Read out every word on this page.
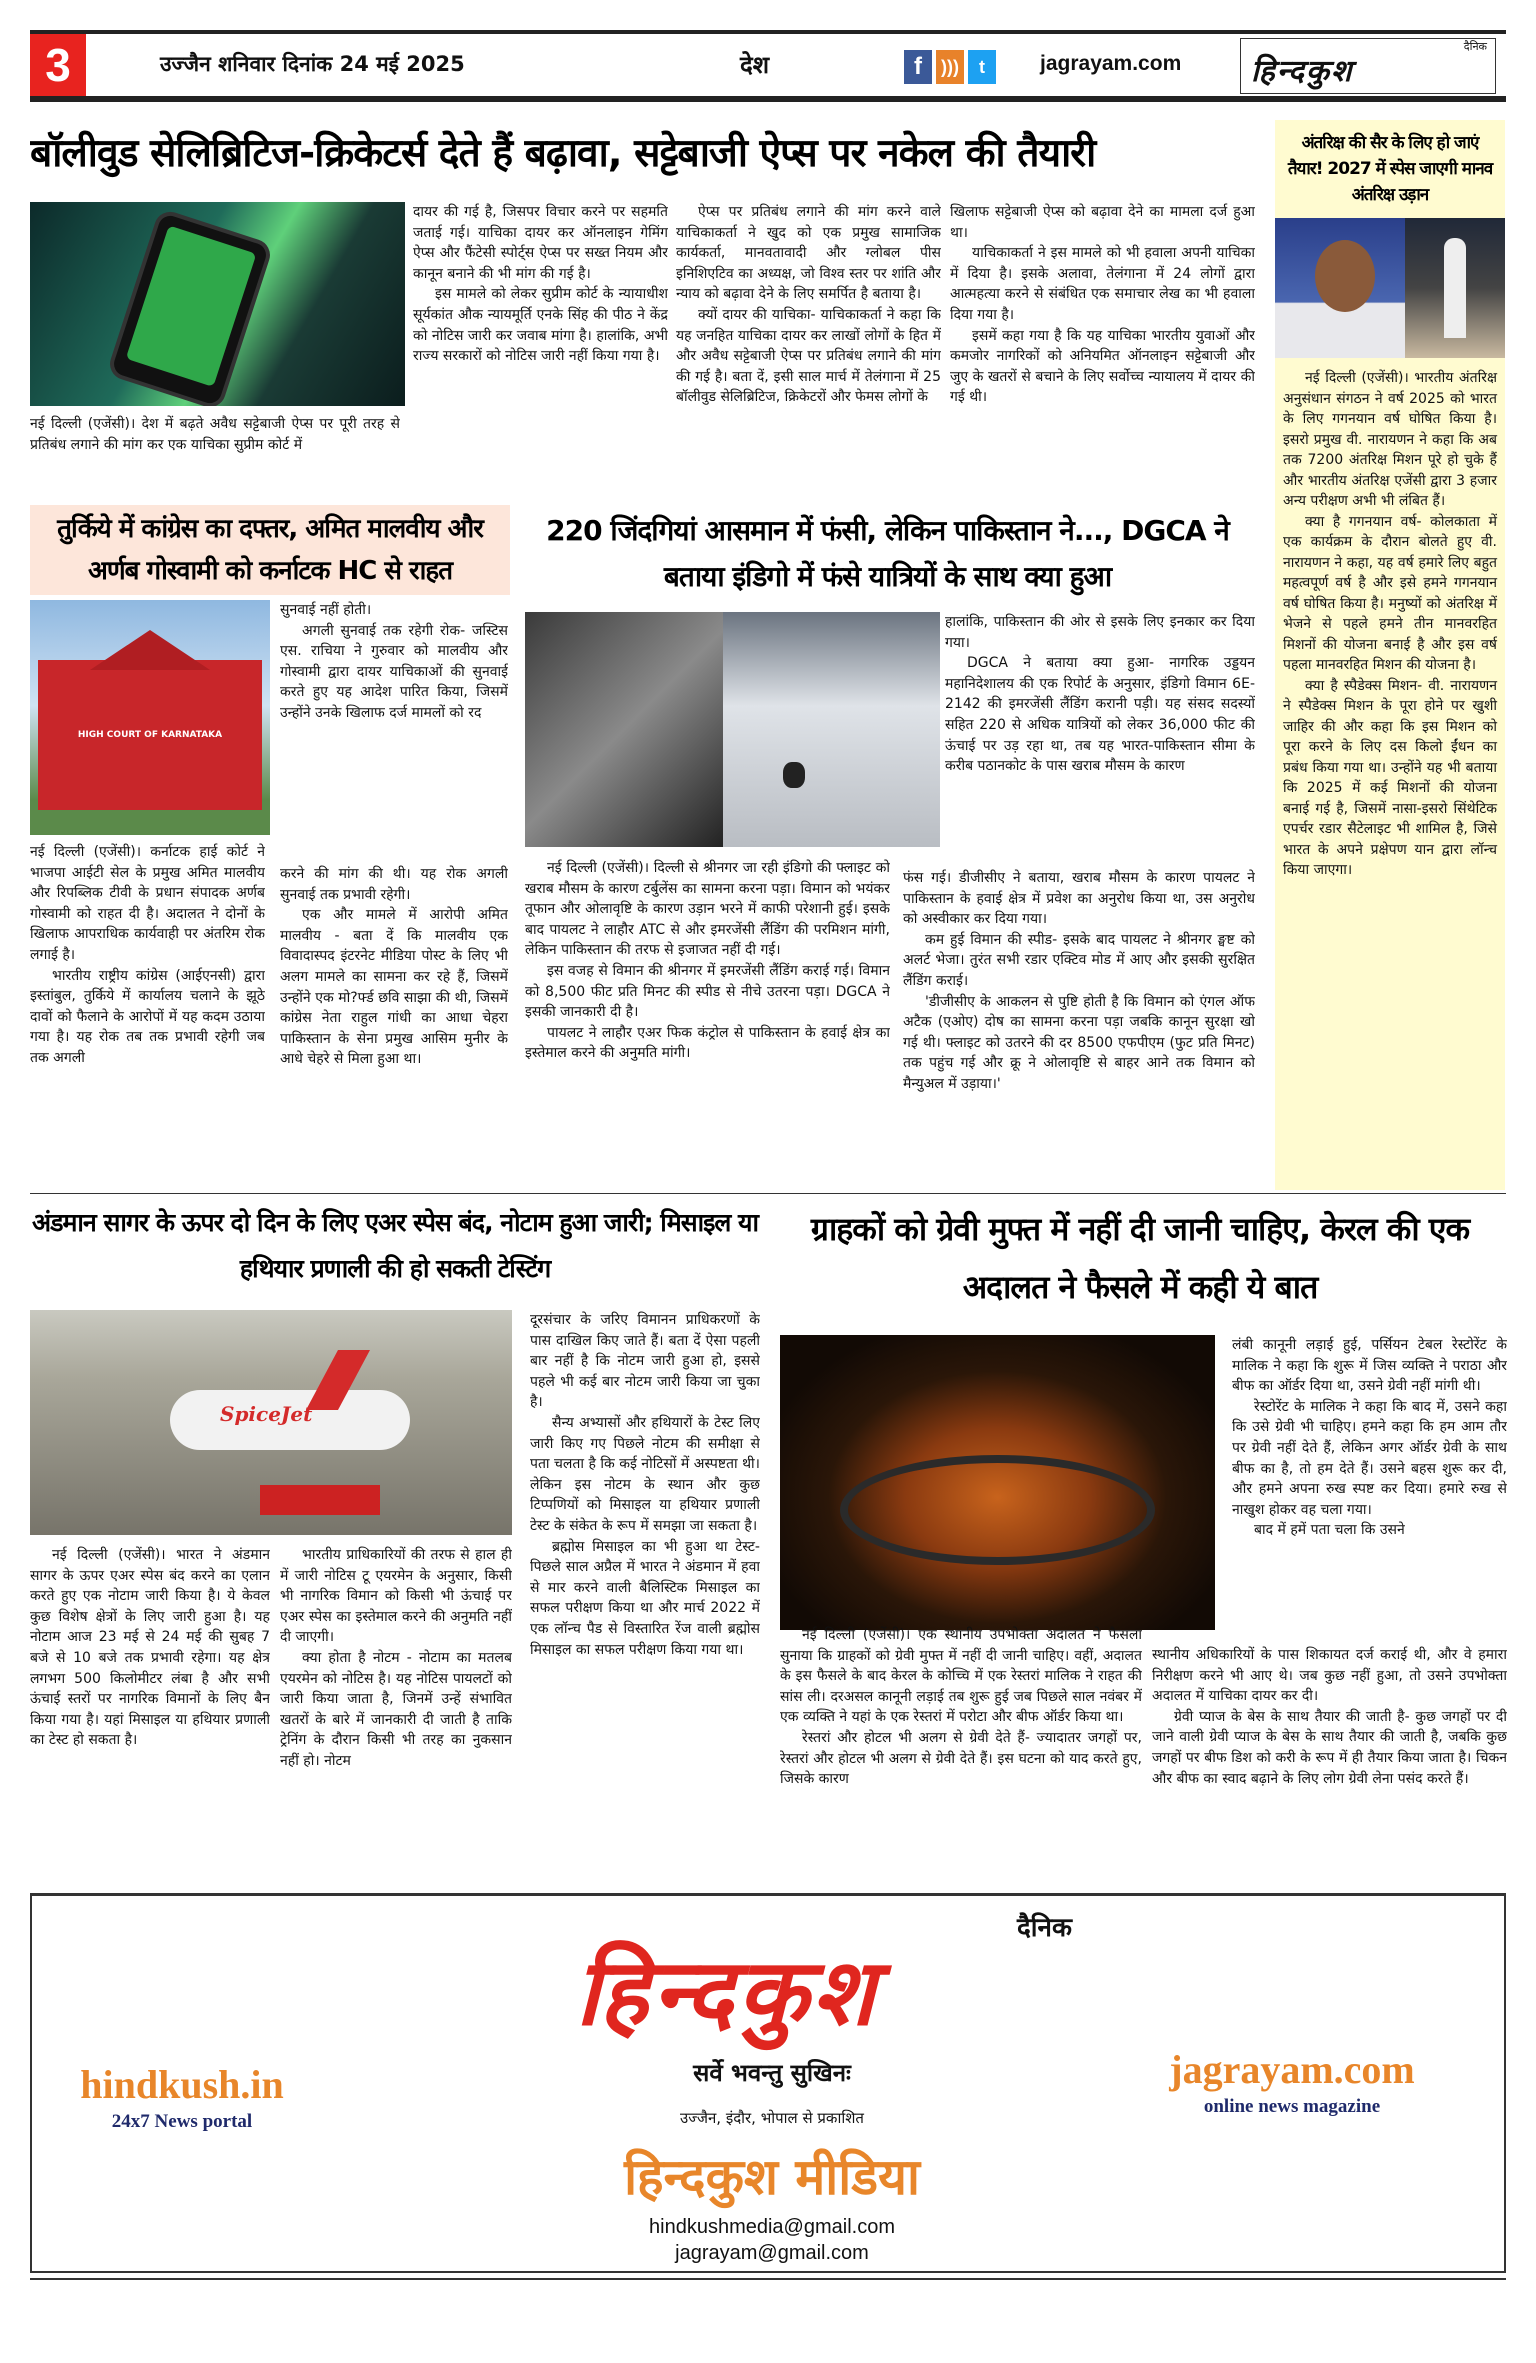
3	उज्जैन शनिवार दिनांक 24 मई 2025	देश	f	)))	t	jagrayam.com
दैनिक
हिन्दकुश
बॉलीवुड सेलिब्रिटिज-क्रिकेटर्स देते हैं बढ़ावा, सट्टेबाजी ऐप्स पर नकेल की तैयारी

नई दिल्ली (एजेंसी)। देश में बढ़ते अवैध सट्टेबाजी ऐप्स पर पूरी तरह से प्रतिबंध लगाने की मांग कर एक याचिका सुप्रीम कोर्ट में

दायर की गई है, जिसपर विचार करने पर सहमति जताई गई। याचिका दायर कर ऑनलाइन गेमिंग ऐप्स और फैंटेसी स्पोर्ट्स ऐप्स पर सख्त नियम और कानून बनाने की भी मांग की गई है।

इस मामले को लेकर सुप्रीम कोर्ट के न्यायाधीश सूर्यकांत औक न्यायमूर्ति एनके सिंह की पीठ ने केंद्र को नोटिस जारी कर जवाब मांगा है। हालांकि, अभी राज्य सरकारों को नोटिस जारी नहीं किया गया है।

ऐप्स पर प्रतिबंध लगाने की मांग करने वाले याचिकाकर्ता ने खुद को एक प्रमुख सामाजिक कार्यकर्ता, मानवतावादी और ग्लोबल पीस इनिशिएटिव का अध्यक्ष, जो विश्व स्तर पर शांति और न्याय को बढ़ावा देने के लिए समर्पित है बताया है।

क्यों दायर की याचिका- याचिकाकर्ता ने कहा कि यह जनहित याचिका दायर कर लाखों लोगों के हित में और अवैध सट्टेबाजी ऐप्स पर प्रतिबंध लगाने की मांग की गई है। बता दें, इसी साल मार्च में तेलंगाना में 25 बॉलीवुड सेलिब्रिटिज, क्रिकेटरों और फेमस लोगों के

खिलाफ सट्टेबाजी ऐप्स को बढ़ावा देने का मामला दर्ज हुआ था।

याचिकाकर्ता ने इस मामले को भी हवाला अपनी याचिका में दिया है। इसके अलावा, तेलंगाना में 24 लोगों द्वारा आत्महत्या करने से संबंधित एक समाचार लेख का भी हवाला दिया गया है।

इसमें कहा गया है कि यह याचिका भारतीय युवाओं और कमजोर नागरिकों को अनियमित ऑनलाइन सट्टेबाजी और जुए के खतरों से बचाने के लिए सर्वोच्च न्यायालय में दायर की गई थी।

अंतरिक्ष की सैर के लिए हो जाएं तैयार! 2027 में स्पेस जाएगी मानव अंतरिक्ष उड़ान

नई दिल्ली (एजेंसी)। भारतीय अंतरिक्ष अनुसंधान संगठन ने वर्ष 2025 को भारत के लिए गगनयान वर्ष घोषित किया है। इसरो प्रमुख वी. नारायणन ने कहा कि अब तक 7200 अंतरिक्ष मिशन पूरे हो चुके हैं और भारतीय अंतरिक्ष एजेंसी द्वारा 3 हजार अन्य परीक्षण अभी भी लंबित हैं।

क्या है गगनयान वर्ष- कोलकाता में एक कार्यक्रम के दौरान बोलते हुए वी. नारायणन ने कहा, यह वर्ष हमारे लिए बहुत महत्वपूर्ण वर्ष है और इसे हमने गगनयान वर्ष घोषित किया है। मनुष्यों को अंतरिक्ष में भेजने से पहले हमने तीन मानवरहित मिशनों की योजना बनाई है और इस वर्ष पहला मानवरहित मिशन की योजना है।

क्या है स्पैडेक्स मिशन- वी. नारायणन ने स्पैडेक्स मिशन के पूरा होने पर खुशी जाहिर की और कहा कि इस मिशन को पूरा करने के लिए दस किलो ईंधन का प्रबंध किया गया था। उन्होंने यह भी बताया कि 2025 में कई मिशनों की योजना बनाई गई है, जिसमें नासा-इसरो सिंथेटिक एपर्चर रडार सैटेलाइट भी शामिल है, जिसे भारत के अपने प्रक्षेपण यान द्वारा लॉन्च किया जाएगा।

तुर्किये में कांग्रेस का दफ्तर, अमित मालवीय और अर्णब गोस्वामी को कर्नाटक HC से राहत
HIGH COURT OF KARNATAKA

सुनवाई नहीं होती।

अगली सुनवाई तक रहेगी रोक- जस्टिस एस. राचिया ने गुरुवार को मालवीय और गोस्वामी द्वारा दायर याचिकाओं की सुनवाई करते हुए यह आदेश पारित किया, जिसमें उन्होंने उनके खिलाफ दर्ज मामलों को रद

नई दिल्ली (एजेंसी)। कर्नाटक हाई कोर्ट ने भाजपा आईटी सेल के प्रमुख अमित मालवीय और रिपब्लिक टीवी के प्रधान संपादक अर्णब गोस्वामी को राहत दी है। अदालत ने दोनों के खिलाफ आपराधिक कार्यवाही पर अंतरिम रोक लगाई है।

भारतीय राष्ट्रीय कांग्रेस (आईएनसी) द्वारा इस्तांबुल, तुर्किये में कार्यालय चलाने के झूठे दावों को फैलाने के आरोपों में यह कदम उठाया गया है। यह रोक तब तक प्रभावी रहेगी जब तक अगली

करने की मांग की थी। यह रोक अगली सुनवाई तक प्रभावी रहेगी।

एक और मामले में आरोपी अमित मालवीय - बता दें कि मालवीय एक विवादास्पद इंटरनेट मीडिया पोस्ट के लिए भी अलग मामले का सामना कर रहे हैं, जिसमें उन्होंने एक मो?र्फ्ड छवि साझा की थी, जिसमें कांग्रेस नेता राहुल गांधी का आधा चेहरा पाकिस्तान के सेना प्रमुख आसिम मुनीर के आधे चेहरे से मिला हुआ था।

220 जिंदगियां आसमान में फंसी, लेकिन पाकिस्तान ने..., DGCA ने बताया इंडिगो में फंसे यात्रियों के साथ क्या हुआ

हालांकि, पाकिस्तान की ओर से इसके लिए इनकार कर दिया गया।

DGCA ने बताया क्या हुआ- नागरिक उड्डयन महानिदेशालय की एक रिपोर्ट के अनुसार, इंडिगो विमान 6E-2142 की इमरजेंसी लैंडिंग करानी पड़ी। यह संसद सदस्यों सहित 220 से अधिक यात्रियों को लेकर 36,000 फीट की ऊंचाई पर उड़ रहा था, तब यह भारत-पाकिस्तान सीमा के करीब पठानकोट के पास खराब मौसम के कारण

नई दिल्ली (एजेंसी)। दिल्ली से श्रीनगर जा रही इंडिगो की फ्लाइट को खराब मौसम के कारण टर्बुलेंस का सामना करना पड़ा। विमान को भयंकर तूफान और ओलावृष्टि के कारण उड़ान भरने में काफी परेशानी हुई। इसके बाद पायलट ने लाहौर ATC से और इमरजेंसी लैंडिंग की परमिशन मांगी, लेकिन पाकिस्तान की तरफ से इजाजत नहीं दी गई।

इस वजह से विमान की श्रीनगर में इमरजेंसी लैंडिंग कराई गई। विमान को 8,500 फीट प्रति मिनट की स्पीड से नीचे उतरना पड़ा। DGCA ने इसकी जानकारी दी है।

पायलट ने लाहौर एअर फिक कंट्रोल से पाकिस्तान के हवाई क्षेत्र का इस्तेमाल करने की अनुमति मांगी।

फंस गई। डीजीसीए ने बताया, खराब मौसम के कारण पायलट ने पाकिस्तान के हवाई क्षेत्र में प्रवेश का अनुरोध किया था, उस अनुरोध को अस्वीकार कर दिया गया।

कम हुई विमान की स्पीड- इसके बाद पायलट ने श्रीनगर ङ्घष्ट को अलर्ट भेजा। तुरंत सभी रडार एक्टिव मोड में आए और इसकी सुरक्षित लैंडिंग कराई।

'डीजीसीए के आकलन से पुष्टि होती है कि विमान को एंगल ऑफ अटैक (एओए) दोष का सामना करना पड़ा जबकि कानून सुरक्षा खो गई थी। फ्लाइट को उतरने की दर 8500 एफपीएम (फुट प्रति मिनट) तक पहुंच गई और क्रू ने ओलावृष्टि से बाहर आने तक विमान को मैन्युअल में उड़ाया।'

अंडमान सागर के ऊपर दो दिन के लिए एअर स्पेस बंद, नोटाम हुआ जारी; मिसाइल या हथियार प्रणाली की हो सकती टेस्टिंग
SpiceJet

दूरसंचार के जरिए विमानन प्राधिकरणों के पास दाखिल किए जाते हैं। बता दें ऐसा पहली बार नहीं है कि नोटम जारी हुआ हो, इससे पहले भी कई बार नोटम जारी किया जा चुका है।

सैन्य अभ्यासों और हथियारों के टेस्ट लिए जारी किए गए पिछले नोटम की समीक्षा से पता चलता है कि कई नोटिसों में अस्पष्टता थी। लेकिन इस नोटम के स्थान और कुछ टिप्पणियों को मिसाइल या हथियार प्रणाली टेस्ट के संकेत के रूप में समझा जा सकता है।

ब्रह्मोस मिसाइल का भी हुआ था टेस्ट- पिछले साल अप्रैल में भारत ने अंडमान में हवा से मार करने वाली बैलिस्टिक मिसाइल का सफल परीक्षण किया था और मार्च 2022 में एक लॉन्च पैड से विस्तारित रेंज वाली ब्रह्मोस मिसाइल का सफल परीक्षण किया गया था।

नई दिल्ली (एजेंसी)। भारत ने अंडमान सागर के ऊपर एअर स्पेस बंद करने का एलान करते हुए एक नोटाम जारी किया है। ये केवल कुछ विशेष क्षेत्रों के लिए जारी हुआ है। यह नोटाम आज 23 मई से 24 मई की सुबह 7 बजे से 10 बजे तक प्रभावी रहेगा। यह क्षेत्र लगभग 500 किलोमीटर लंबा है और सभी ऊंचाई स्तरों पर नागरिक विमानों के लिए बैन किया गया है। यहां मिसाइल या हथियार प्रणाली का टेस्ट हो सकता है।

भारतीय प्राधिकारियों की तरफ से हाल ही में जारी नोटिस टू एयरमेन के अनुसार, किसी भी नागरिक विमान को किसी भी ऊंचाई पर एअर स्पेस का इस्तेमाल करने की अनुमति नहीं दी जाएगी।

क्या होता है नोटम - नोटाम का मतलब एयरमेन को नोटिस है। यह नोटिस पायलटों को जारी किया जाता है, जिनमें उन्हें संभावित खतरों के बारे में जानकारी दी जाती है ताकि ट्रेनिंग के दौरान किसी भी तरह का नुकसान नहीं हो। नोटम

ग्राहकों को ग्रेवी मुफ्त में नहीं दी जानी चाहिए, केरल की एक अदालत ने फैसले में कही ये बात

लंबी कानूनी लड़ाई हुई, पर्सियन टेबल रेस्टोरेंट के मालिक ने कहा कि शुरू में जिस व्यक्ति ने पराठा और बीफ का ऑर्डर दिया था, उसने ग्रेवी नहीं मांगी थी।

रेस्टोरेंट के मालिक ने कहा कि बाद में, उसने कहा कि उसे ग्रेवी भी चाहिए। हमने कहा कि हम आम तौर पर ग्रेवी नहीं देते हैं, लेकिन अगर ऑर्डर ग्रेवी के साथ बीफ का है, तो हम देते हैं। उसने बहस शुरू कर दी, और हमने अपना रुख स्पष्ट कर दिया। हमारे रुख से नाखुश होकर वह चला गया।

बाद में हमें पता चला कि उसने

नई दिल्ली (एजेंसी)। एक स्थानीय उपभोक्ता अदालत ने फैसला सुनाया कि ग्राहकों को ग्रेवी मुफ्त में नहीं दी जानी चाहिए। वहीं, अदालत के इस फैसले के बाद केरल के कोच्चि में एक रेस्तरां मालिक ने राहत की सांस ली। दरअसल कानूनी लड़ाई तब शुरू हुई जब पिछले साल नवंबर में एक व्यक्ति ने यहां के एक रेस्तरां में परोटा और बीफ ऑर्डर किया था।

रेस्तरां और होटल भी अलग से ग्रेवी देते हैं- ज्यादातर जगहों पर, रेस्तरां और होटल भी अलग से ग्रेवी देते हैं। इस घटना को याद करते हुए, जिसके कारण

स्थानीय अधिकारियों के पास शिकायत दर्ज कराई थी, और वे हमारा निरीक्षण करने भी आए थे। जब कुछ नहीं हुआ, तो उसने उपभोक्ता अदालत में याचिका दायर कर दी।

ग्रेवी प्याज के बेस के साथ तैयार की जाती है- कुछ जगहों पर दी जाने वाली ग्रेवी प्याज के बेस के साथ तैयार की जाती है, जबकि कुछ जगहों पर बीफ डिश को करी के रूप में ही तैयार किया जाता है। चिकन और बीफ का स्वाद बढ़ाने के लिए लोग ग्रेवी लेना पसंद करते हैं।

दैनिक
हिन्दकुश
सर्वे भवन्तु सुखिनः
उज्जैन, इंदौर, भोपाल से प्रकाशित
हिन्दकुश मीडिया
hindkushmedia@gmail.com
jagrayam@gmail.com
hindkush.in
24x7 News portal
jagrayam.com
online news magazine
